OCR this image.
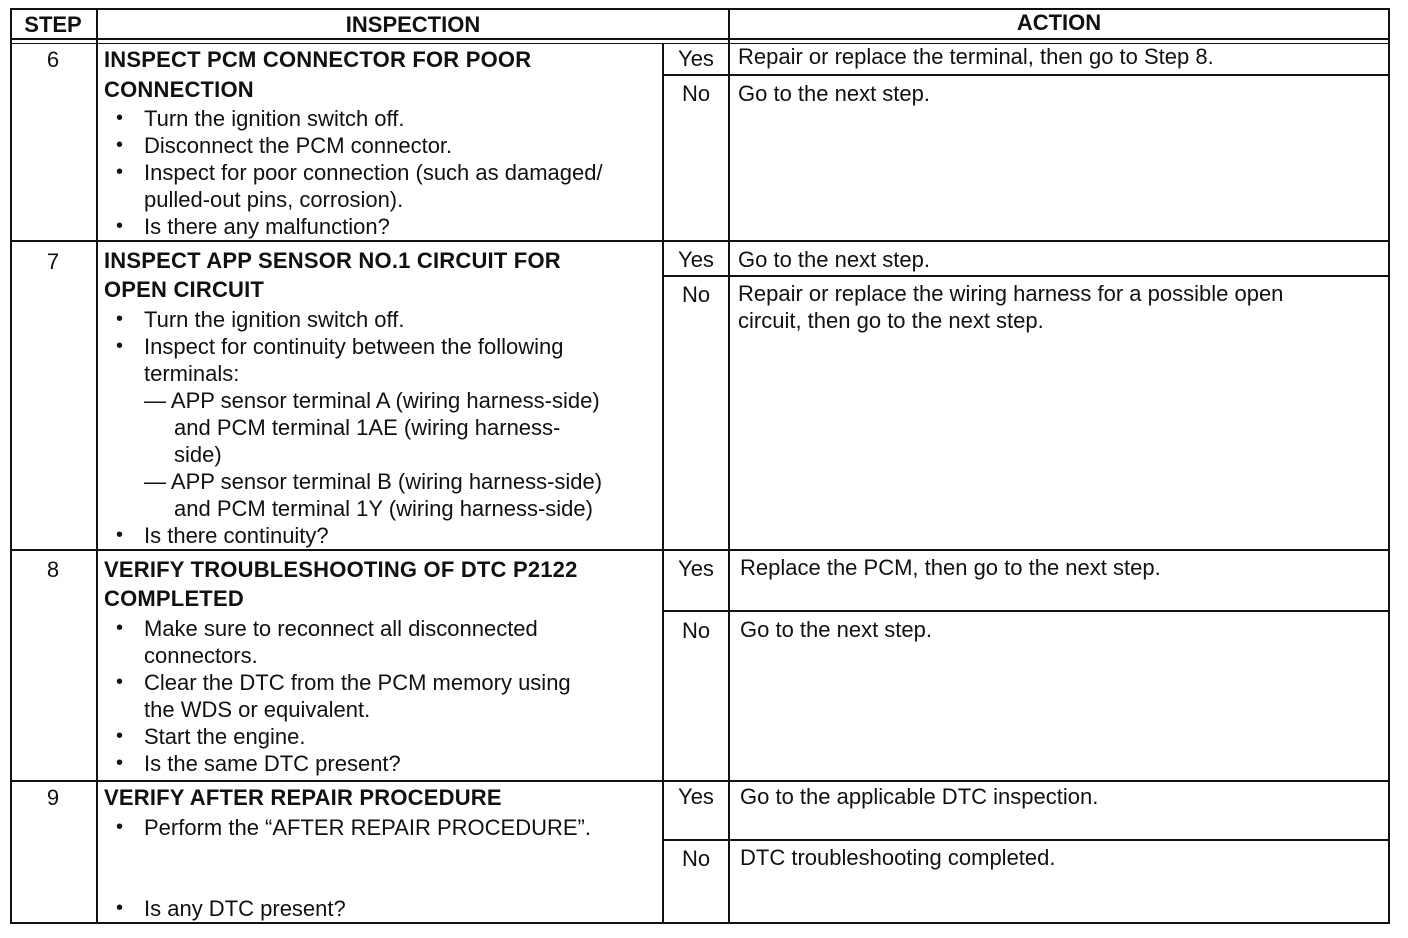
STEP	INSPECTION	ACTION
6	INSPECT PCM CONNECTOR FOR POOR
CONNECTION
• Turn the ignition switch off.
• Disconnect the PCM connector.
• Inspect for poor connection (such as damaged/
pulled-out pins, corrosion).
• Is there any malfunction?
Yes	Repair or replace the terminal, then go to Step 8.
No	Go to the next step.
7	INSPECT APP SENSOR NO.1 CIRCUIT FOR
OPEN CIRCUIT
• Turn the ignition switch off.
• Inspect for continuity between the following
terminals:
— APP sensor terminal A (wiring harness-side)
and PCM terminal 1AE (wiring harness-
side)
— APP sensor terminal B (wiring harness-side)
and PCM terminal 1Y (wiring harness-side)
• Is there continuity?
Yes	Go to the next step.
No	Repair or replace the wiring harness for a possible open
circuit, then go to the next step.
8	VERIFY TROUBLESHOOTING OF DTC P2122
COMPLETED
• Make sure to reconnect all disconnected
connectors.
• Clear the DTC from the PCM memory using
the WDS or equivalent.
• Start the engine.
• Is the same DTC present?
Yes	Replace the PCM, then go to the next step.
No	Go to the next step.
9	VERIFY AFTER REPAIR PROCEDURE
• Perform the “AFTER REPAIR PROCEDURE”.
• Is any DTC present?
Yes	Go to the applicable DTC inspection.
No	DTC troubleshooting completed.
